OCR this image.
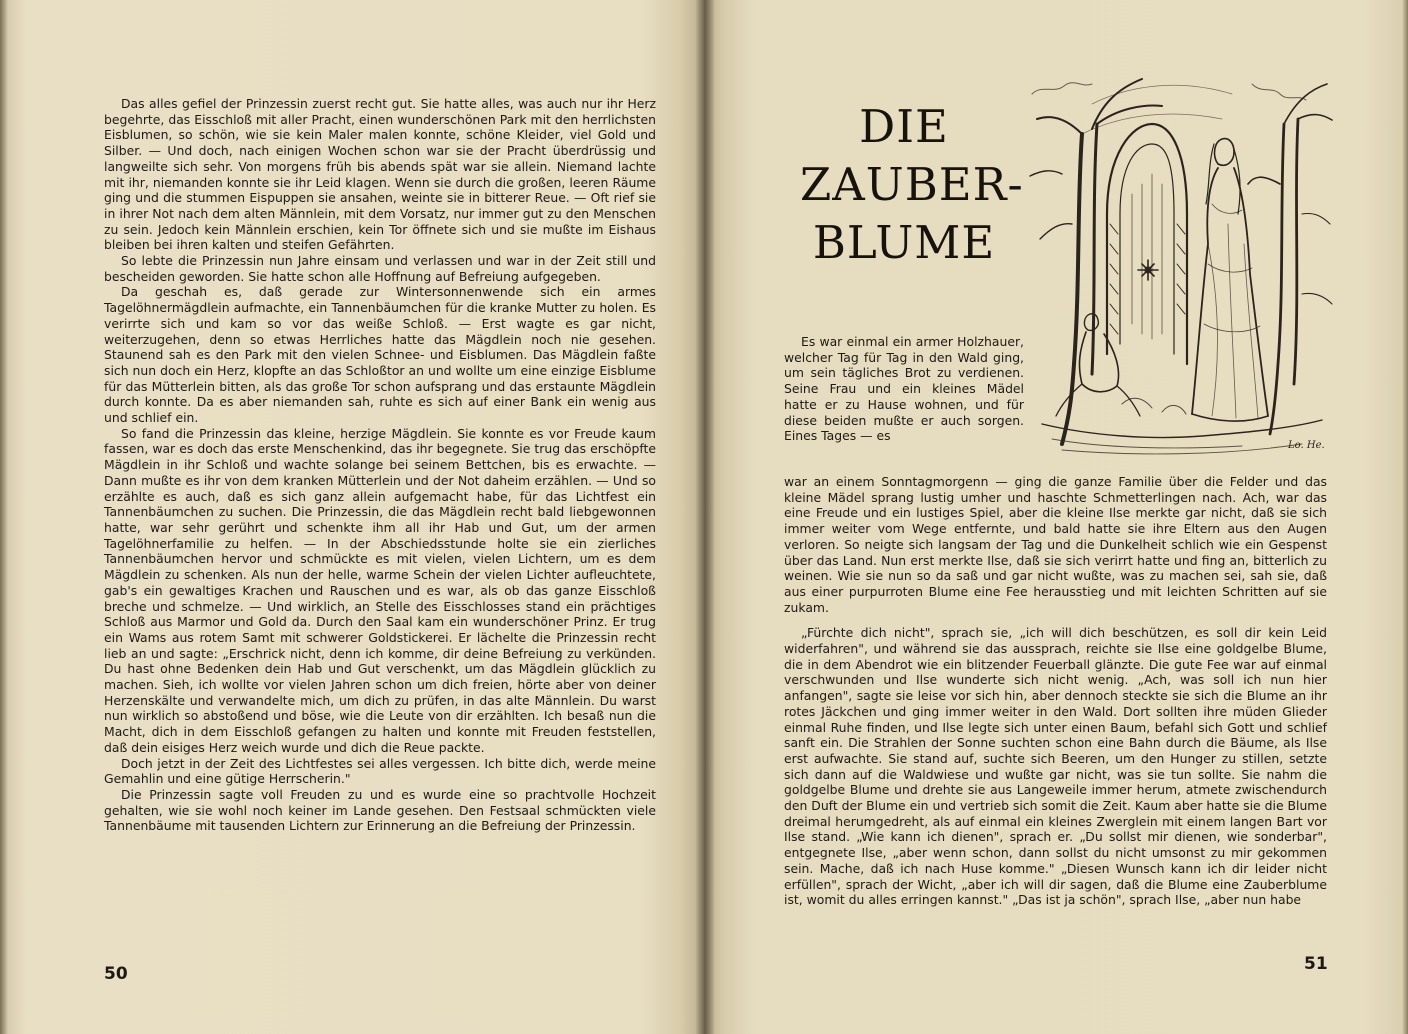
Das alles gefiel der Prinzessin zuerst recht gut. Sie hatte alles, was auch nur ihr Herz begehrte, das Eisschloß mit aller Pracht, einen wunderschönen Park mit den herrlichsten Eisblumen, so schön, wie sie kein Maler malen konnte, schöne Kleider, viel Gold und Silber. — Und doch, nach einigen Wochen schon war sie der Pracht überdrüssig und langweilte sich sehr. Von morgens früh bis abends spät war sie allein. Niemand lachte mit ihr, niemanden konnte sie ihr Leid klagen. Wenn sie durch die großen, leeren Räume ging und die stummen Eispuppen sie ansahen, weinte sie in bitterer Reue. — Oft rief sie in ihrer Not nach dem alten Männlein, mit dem Vorsatz, nur immer gut zu den Menschen zu sein. Jedoch kein Männlein erschien, kein Tor öffnete sich und sie mußte im Eishaus bleiben bei ihren kalten und steifen Gefährten.

So lebte die Prinzessin nun Jahre einsam und verlassen und war in der Zeit still und bescheiden geworden. Sie hatte schon alle Hoffnung auf Befreiung aufgegeben.

Da geschah es, daß gerade zur Wintersonnenwende sich ein armes Tagelöhnermägdlein aufmachte, ein Tannenbäumchen für die kranke Mutter zu holen. Es verirrte sich und kam so vor das weiße Schloß. — Erst wagte es gar nicht, weiterzugehen, denn so etwas Herrliches hatte das Mägdlein noch nie gesehen. Staunend sah es den Park mit den vielen Schnee- und Eisblumen. Das Mägdlein faßte sich nun doch ein Herz, klopfte an das Schloßtor an und wollte um eine einzige Eisblume für das Mütterlein bitten, als das große Tor schon aufsprang und das erstaunte Mägdlein durch konnte. Da es aber niemanden sah, ruhte es sich auf einer Bank ein wenig aus und schlief ein.

So fand die Prinzessin das kleine, herzige Mägdlein. Sie konnte es vor Freude kaum fassen, war es doch das erste Menschenkind, das ihr begegnete. Sie trug das erschöpfte Mägdlein in ihr Schloß und wachte solange bei seinem Bettchen, bis es erwachte. — Dann mußte es ihr von dem kranken Mütterlein und der Not daheim erzählen. — Und so erzählte es auch, daß es sich ganz allein aufgemacht habe, für das Lichtfest ein Tannenbäumchen zu suchen. Die Prinzessin, die das Mägdlein recht bald liebgewonnen hatte, war sehr gerührt und schenkte ihm all ihr Hab und Gut, um der armen Tagelöhnerfamilie zu helfen. — In der Abschiedsstunde holte sie ein zierliches Tannenbäumchen hervor und schmückte es mit vielen, vielen Lichtern, um es dem Mägdlein zu schenken. Als nun der helle, warme Schein der vielen Lichter aufleuchtete, gab's ein gewaltiges Krachen und Rauschen und es war, als ob das ganze Eisschloß breche und schmelze. — Und wirklich, an Stelle des Eisschlosses stand ein prächtiges Schloß aus Marmor und Gold da. Durch den Saal kam ein wunderschöner Prinz. Er trug ein Wams aus rotem Samt mit schwerer Goldstickerei. Er lächelte die Prinzessin recht lieb an und sagte: „Erschrick nicht, denn ich komme, dir deine Befreiung zu verkünden. Du hast ohne Bedenken dein Hab und Gut verschenkt, um das Mägdlein glücklich zu machen. Sieh, ich wollte vor vielen Jahren schon um dich freien, hörte aber von deiner Herzenskälte und verwandelte mich, um dich zu prüfen, in das alte Männlein. Du warst nun wirklich so abstoßend und böse, wie die Leute von dir erzählten. Ich besaß nun die Macht, dich in dem Eisschloß gefangen zu halten und konnte mit Freuden feststellen, daß dein eisiges Herz weich wurde und dich die Reue packte.

Doch jetzt in der Zeit des Lichtfestes sei alles vergessen. Ich bitte dich, werde meine Gemahlin und eine gütige Herrscherin."

Die Prinzessin sagte voll Freuden zu und es wurde eine so prachtvolle Hochzeit gehalten, wie sie wohl noch keiner im Lande gesehen. Den Festsaal schmückten viele Tannenbäume mit tausenden Lichtern zur Erinnerung an die Befreiung der Prinzessin.

50
DIE
ZAUBER-
BLUME
Lo. He.

Es war einmal ein armer Holzhauer, welcher Tag für Tag in den Wald ging, um sein tägliches Brot zu verdienen. Seine Frau und ein kleines Mädel hatte er zu Hause wohnen, und für diese beiden mußte er auch sorgen. Eines Tages — es

war an einem Sonntagmorgenn — ging die ganze Familie über die Felder und das kleine Mädel sprang lustig umher und haschte Schmetterlingen nach. Ach, war das eine Freude und ein lustiges Spiel, aber die kleine Ilse merkte gar nicht, daß sie sich immer weiter vom Wege entfernte, und bald hatte sie ihre Eltern aus den Augen verloren. So neigte sich langsam der Tag und die Dunkelheit schlich wie ein Gespenst über das Land. Nun erst merkte Ilse, daß sie sich verirrt hatte und fing an, bitterlich zu weinen. Wie sie nun so da saß und gar nicht wußte, was zu machen sei, sah sie, daß aus einer purpurroten Blume eine Fee herausstieg und mit leichten Schritten auf sie zukam.

„Fürchte dich nicht", sprach sie, „ich will dich beschützen, es soll dir kein Leid widerfahren", und während sie das aussprach, reichte sie Ilse eine goldgelbe Blume, die in dem Abendrot wie ein blitzender Feuerball glänzte. Die gute Fee war auf einmal verschwunden und Ilse wunderte sich nicht wenig. „Ach, was soll ich nun hier anfangen", sagte sie leise vor sich hin, aber dennoch steckte sie sich die Blume an ihr rotes Jäckchen und ging immer weiter in den Wald. Dort sollten ihre müden Glieder einmal Ruhe finden, und Ilse legte sich unter einen Baum, befahl sich Gott und schlief sanft ein. Die Strahlen der Sonne suchten schon eine Bahn durch die Bäume, als Ilse erst aufwachte. Sie stand auf, suchte sich Beeren, um den Hunger zu stillen, setzte sich dann auf die Waldwiese und wußte gar nicht, was sie tun sollte. Sie nahm die goldgelbe Blume und drehte sie aus Langeweile immer herum, atmete zwischendurch den Duft der Blume ein und vertrieb sich somit die Zeit. Kaum aber hatte sie die Blume dreimal herumgedreht, als auf einmal ein kleines Zwerglein mit einem langen Bart vor Ilse stand. „Wie kann ich dienen", sprach er. „Du sollst mir dienen, wie sonderbar", entgegnete Ilse, „aber wenn schon, dann sollst du nicht umsonst zu mir gekommen sein. Mache, daß ich nach Huse komme." „Diesen Wunsch kann ich dir leider nicht erfüllen", sprach der Wicht, „aber ich will dir sagen, daß die Blume eine Zauberblume ist, womit du alles erringen kannst." „Das ist ja schön", sprach Ilse, „aber nun habe

51
